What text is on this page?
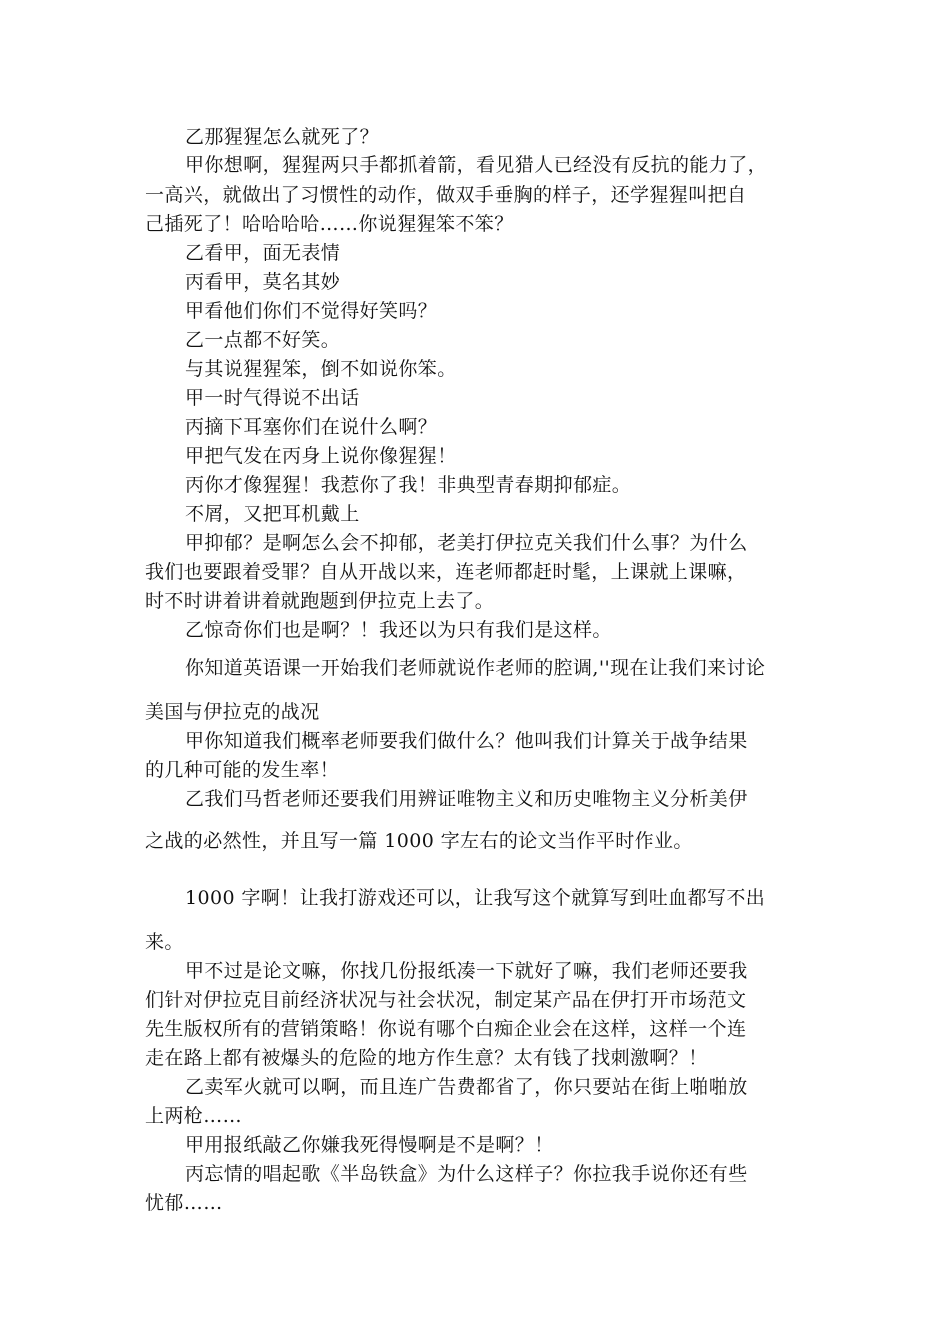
乙那猩猩怎么就死了？
甲你想啊，猩猩两只手都抓着箭，看见猎人已经没有反抗的能力了，
一高兴，就做出了习惯性的动作，做双手垂胸的样子，还学猩猩叫把自
己插死了！哈哈哈哈……你说猩猩笨不笨？
乙看甲，面无表情
丙看甲，莫名其妙
甲看他们你们不觉得好笑吗？
乙一点都不好笑。
与其说猩猩笨，倒不如说你笨。
甲一时气得说不出话
丙摘下耳塞你们在说什么啊？
甲把气发在丙身上说你像猩猩！
丙你才像猩猩！我惹你了我！非典型青春期抑郁症。
不屑，又把耳机戴上
甲抑郁？是啊怎么会不抑郁，老美打伊拉克关我们什么事？为什么
我们也要跟着受罪？自从开战以来，连老师都赶时髦，上课就上课嘛，
时不时讲着讲着就跑题到伊拉克上去了。
乙惊奇你们也是啊？！我还以为只有我们是这样。
你知道英语课一开始我们老师就说作老师的腔调,''现在让我们来讨论
美国与伊拉克的战况
甲你知道我们概率老师要我们做什么？他叫我们计算关于战争结果
的几种可能的发生率！
乙我们马哲老师还要我们用辨证唯物主义和历史唯物主义分析美伊
之战的必然性，并且写一篇 1000 字左右的论文当作平时作业。
1000 字啊！让我打游戏还可以，让我写这个就算写到吐血都写不出
来。
甲不过是论文嘛，你找几份报纸凑一下就好了嘛，我们老师还要我
们针对伊拉克目前经济状况与社会状况，制定某产品在伊打开市场范文
先生版权所有的营销策略！你说有哪个白痴企业会在这样，这样一个连
走在路上都有被爆头的危险的地方作生意？太有钱了找刺激啊？！
乙卖军火就可以啊，而且连广告费都省了，你只要站在街上啪啪放
上两枪……
甲用报纸敲乙你嫌我死得慢啊是不是啊？！
丙忘情的唱起歌《半岛铁盒》为什么这样子？你拉我手说你还有些
忧郁……
